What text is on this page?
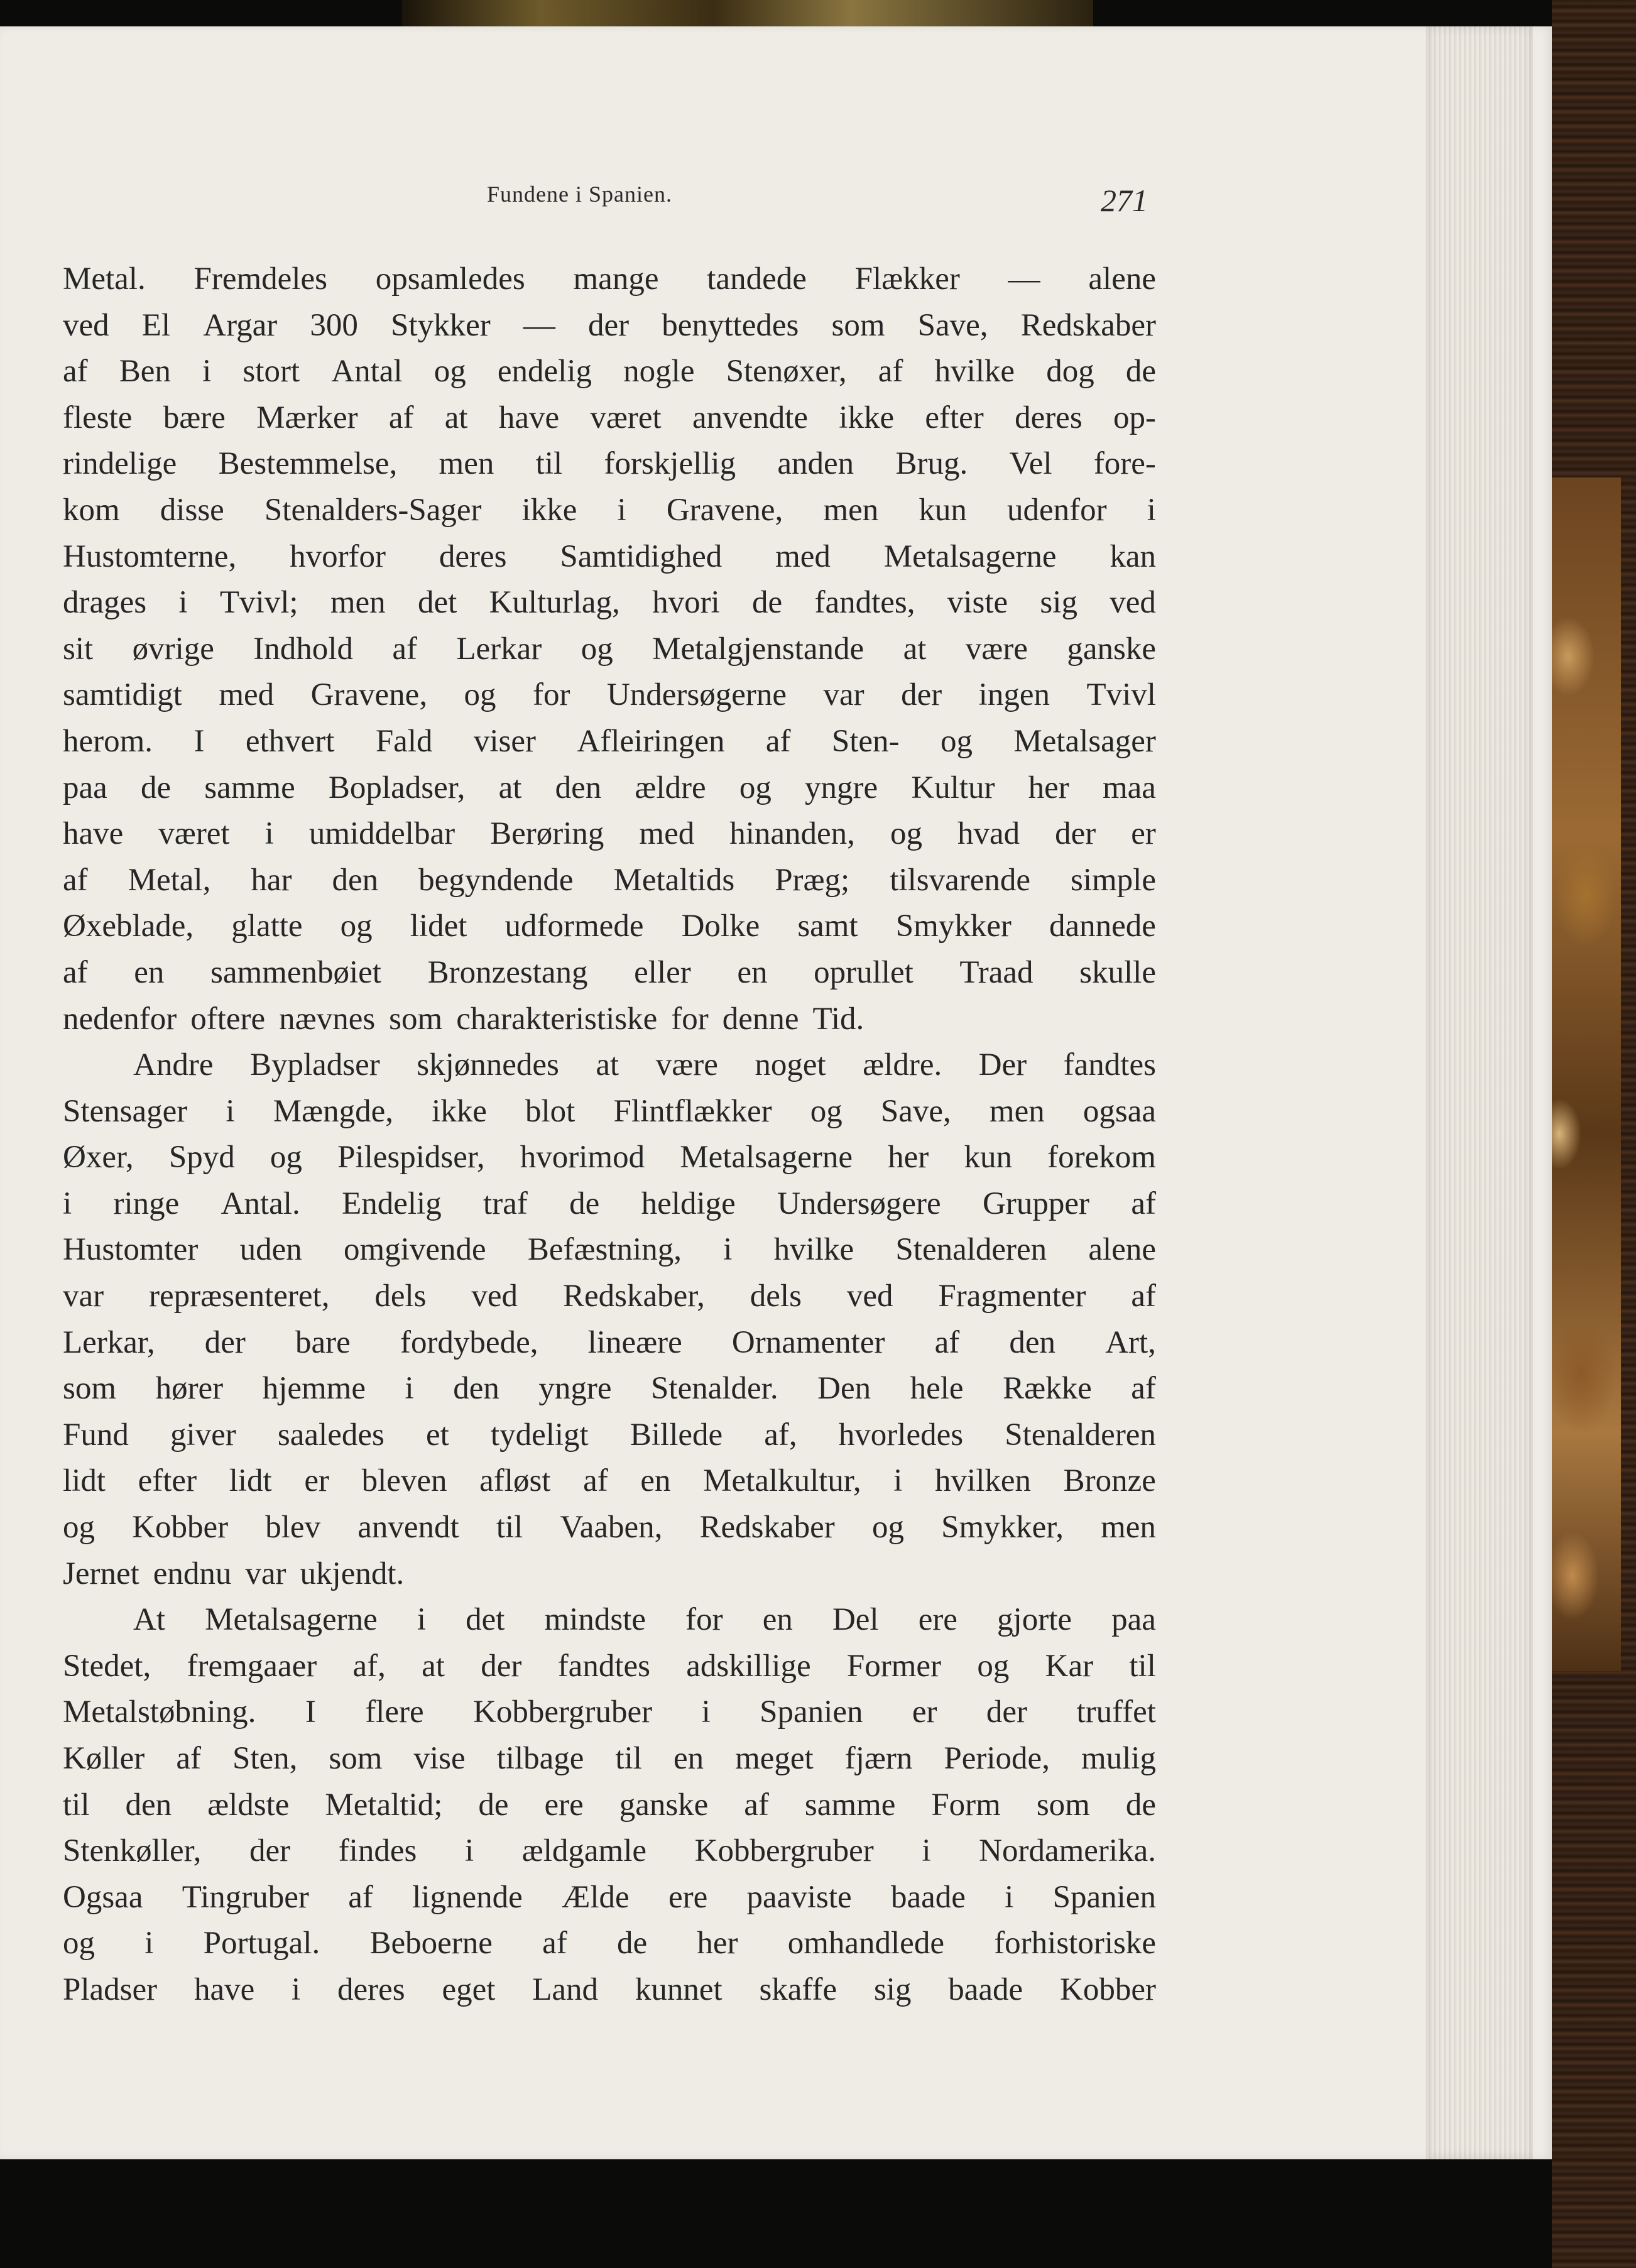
Fundene i Spanien.	271
Metal. Fremdeles opsamledes mange tandede Flækker — alene
ved El Argar 300 Stykker — der benyttedes som Save, Redskaber
af Ben i stort Antal og endelig nogle Stenøxer, af hvilke dog de
fleste bære Mærker af at have været anvendte ikke efter deres op-
rindelige Bestemmelse, men til forskjellig anden Brug. Vel fore-
kom disse Stenalders-Sager ikke i Gravene, men kun udenfor i
Hustomterne, hvorfor deres Samtidighed med Metalsagerne kan
drages i Tvivl; men det Kulturlag, hvori de fandtes, viste sig ved
sit øvrige Indhold af Lerkar og Metalgjenstande at være ganske
samtidigt med Gravene, og for Undersøgerne var der ingen Tvivl
herom. I ethvert Fald viser Afleiringen af Sten- og Metalsager
paa de samme Bopladser, at den ældre og yngre Kultur her maa
have været i umiddelbar Berøring med hinanden, og hvad der er
af Metal, har den begyndende Metaltids Præg; tilsvarende simple
Øxeblade, glatte og lidet udformede Dolke samt Smykker dannede
af en sammenbøiet Bronzestang eller en oprullet Traad skulle
nedenfor oftere nævnes som charakteristiske for denne Tid.
Andre Bypladser skjønnedes at være noget ældre. Der fandtes
Stensager i Mængde, ikke blot Flintflækker og Save, men ogsaa
Øxer, Spyd og Pilespidser, hvorimod Metalsagerne her kun forekom
i ringe Antal. Endelig traf de heldige Undersøgere Grupper af
Hustomter uden omgivende Befæstning, i hvilke Stenalderen alene
var repræsenteret, dels ved Redskaber, dels ved Fragmenter af
Lerkar, der bare fordybede, lineære Ornamenter af den Art,
som hører hjemme i den yngre Stenalder. Den hele Række af
Fund giver saaledes et tydeligt Billede af, hvorledes Stenalderen
lidt efter lidt er bleven afløst af en Metalkultur, i hvilken Bronze
og Kobber blev anvendt til Vaaben, Redskaber og Smykker, men
Jernet endnu var ukjendt.
At Metalsagerne i det mindste for en Del ere gjorte paa
Stedet, fremgaaer af, at der fandtes adskillige Former og Kar til
Metalstøbning. I flere Kobbergruber i Spanien er der truffet
Køller af Sten, som vise tilbage til en meget fjærn Periode, mulig
til den ældste Metaltid; de ere ganske af samme Form som de
Stenkøller, der findes i ældgamle Kobbergruber i Nordamerika.
Ogsaa Tingruber af lignende Ælde ere paaviste baade i Spanien
og i Portugal. Beboerne af de her omhandlede forhistoriske
Pladser have i deres eget Land kunnet skaffe sig baade Kobber
